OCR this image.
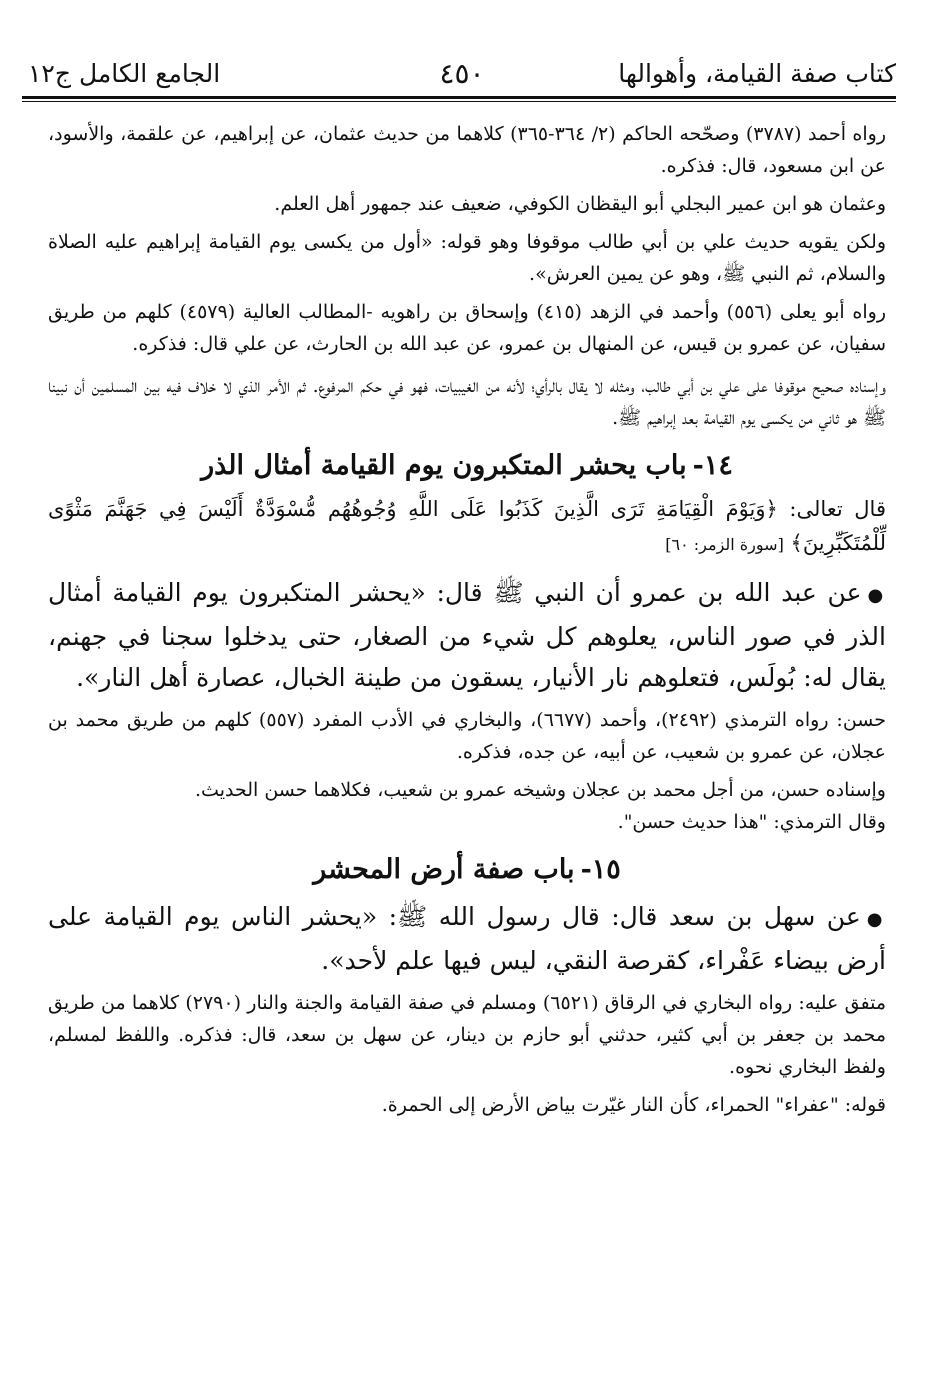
كتاب صفة القيامة، وأهوالها
٤٥٠
الجامع الكامل ج١٢

رواه أحمد (٣٧٨٧) وصحّحه الحاكم (٢/ ٣٦٤-٣٦٥) كلاهما من حديث عثمان، عن إبراهيم، عن علقمة، والأسود، عن ابن مسعود، قال: فذكره.

وعثمان هو ابن عمير البجلي أبو اليقظان الكوفي، ضعيف عند جمهور أهل العلم.

ولكن يقويه حديث علي بن أبي طالب موقوفا وهو قوله: «أول من يكسى يوم القيامة إبراهيم عليه الصلاة والسلام، ثم النبي ﷺ، وهو عن يمين العرش».

رواه أبو يعلى (٥٥٦) وأحمد في الزهد (٤١٥) وإسحاق بن راهويه -المطالب العالية (٤٥٧٩) كلهم من طريق سفيان، عن عمرو بن قيس، عن المنهال بن عمرو، عن عبد الله بن الحارث، عن علي قال: فذكره.

وإسناده صحيح موقوفا على علي بن أبي طالب، ومثله لا يقال بالرأي؛ لأنه من الغيبيات، فهو في حكم المرفوع. ثم الأمر الذي لا خلاف فيه بين المسلمين أن نبينا ﷺ هو ثاني من يكسى يوم القيامة بعد إبراهيم ﷺ.

١٤-باب يحشر المتكبرون يوم القيامة أمثال الذر

قال تعالى: ﴿وَيَوْمَ الْقِيَامَةِ تَرَى الَّذِينَ كَذَبُوا عَلَى اللَّهِ وُجُوهُهُم مُّسْوَدَّةٌ أَلَيْسَ فِي جَهَنَّمَ مَثْوًى لِّلْمُتَكَبِّرِينَ﴾ [سورة الزمر: ٦٠]

●عن عبد الله بن عمرو أن النبي ﷺ قال: «يحشر المتكبرون يوم القيامة أمثال الذر في صور الناس، يعلوهم كل شيء من الصغار، حتى يدخلوا سجنا في جهنم، يقال له: بُولَس، فتعلوهم نار الأنيار، يسقون من طينة الخبال، عصارة أهل النار».

حسن: رواه الترمذي (٢٤٩٢)، وأحمد (٦٦٧٧)، والبخاري في الأدب المفرد (٥٥٧) كلهم من طريق محمد بن عجلان، عن عمرو بن شعيب، عن أبيه، عن جده، فذكره.

وإسناده حسن، من أجل محمد بن عجلان وشيخه عمرو بن شعيب، فكلاهما حسن الحديث.

وقال الترمذي: "هذا حديث حسن".

١٥-باب صفة أرض المحشر

●عن سهل بن سعد قال: قال رسول الله ﷺ: «يحشر الناس يوم القيامة على أرض بيضاء عَفْراء، كقرصة النقي، ليس فيها علم لأحد».

متفق عليه: رواه البخاري في الرقاق (٦٥٢١) ومسلم في صفة القيامة والجنة والنار (٢٧٩٠) كلاهما من طريق محمد بن جعفر بن أبي كثير، حدثني أبو حازم بن دينار، عن سهل بن سعد، قال: فذكره. واللفظ لمسلم، ولفظ البخاري نحوه.

قوله: "عفراء" الحمراء، كأن النار غيّرت بياض الأرض إلى الحمرة.
